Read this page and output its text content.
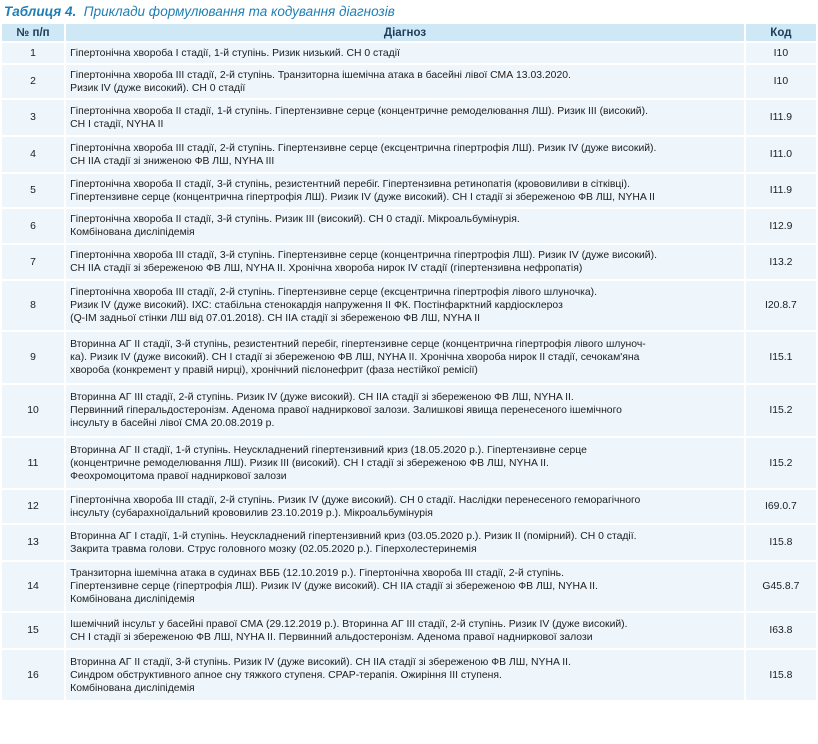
Таблиця 4. Приклади формулювання та кодування діагнозів
№ п/п	Діагноз	Код
1	Гіпертонічна хвороба І стадії, 1-й ступінь. Ризик низький. СН 0 стадії	І10
2	Гіпертонічна хвороба ІІІ стадії, 2-й ступінь. Транзиторна ішемічна атака в басейні лівої СМА 13.03.2020.
Ризик IV (дуже високий). СН 0 стадії	І10
3	Гіпертонічна хвороба ІІ стадії, 1-й ступінь. Гіпертензивне серце (концентричне ремоделювання ЛШ). Ризик ІІІ (високий).
СН І стадії, NYHA II	І11.9
4	Гіпертонічна хвороба ІІІ стадії, 2-й ступінь. Гіпертензивне серце (ексцентрична гіпертрофія ЛШ). Ризик IV (дуже високий).
СН ІІА стадії зі зниженою ФВ ЛШ, NYHA III	І11.0
5	Гіпертонічна хвороба ІІ стадії, 3-й ступінь, резистентний перебіг. Гіпертензивна ретинопатія (крововиливи в сітківці).
Гіпертензивне серце (концентрична гіпертрофія ЛШ). Ризик IV (дуже високий). СН І стадії зі збереженою ФВ ЛШ, NYHA II	І11.9
6	Гіпертонічна хвороба ІІ стадії, 3-й ступінь. Ризик ІІІ (високий). СН 0 стадії. Мікроальбумінурія.
Комбінована дисліпідемія	І12.9
7	Гіпертонічна хвороба ІІІ стадії, 3-й ступінь. Гіпертензивне серце (концентрична гіпертрофія ЛШ). Ризик IV (дуже високий).
СН ІІА стадії зі збереженою ФВ ЛШ, NYHA II. Хронічна хвороба нирок IV стадії (гіпертензивна нефропатія)	І13.2
8	Гіпертонічна хвороба ІІІ стадії, 2-й ступінь. Гіпертензивне серце (ексцентрична гіпертрофія лівого шлуночка).
Ризик IV (дуже високий). ІХС: стабільна стенокардія напруження ІІ ФК. Постінфарктний кардіосклероз
(Q-IM задньої стінки ЛШ від 07.01.2018). СН ІІА стадії зі збереженою ФВ ЛШ, NYHA II	І20.8.7
9	Вторинна АГ ІІ стадії, 3-й ступінь, резистентний перебіг, гіпертензивне серце (концентрична гіпертрофія лівого шлуноч-
ка). Ризик IV (дуже високий). СН І стадії зі збереженою ФВ ЛШ, NYHA II. Хронічна хвороба нирок ІІ стадії, сечокам'яна
хвороба (конкремент у правій нирці), хронічний пієлонефрит (фаза нестійкої ремісії)	І15.1
10	Вторинна АГ ІІІ стадії, 2-й ступінь. Ризик IV (дуже високий). СН ІІА стадії зі збереженою ФВ ЛШ, NYHA II.
Первинний гіперальдостеронізм. Аденома правої надниркової залози. Залишкові явища перенесеного ішемічного
інсульту в басейні лівої СМА 20.08.2019 р.	І15.2
11	Вторинна АГ ІІ стадії, 1-й ступінь. Неускладнений гіпертензивний криз (18.05.2020 р.). Гіпертензивне серце
(концентричне ремоделювання ЛШ). Ризик ІІІ (високий). СН І стадії зі збереженою ФВ ЛШ, NYHA II.
Феохромоцитома правої надниркової залози	І15.2
12	Гіпертонічна хвороба ІІІ стадії, 2-й ступінь. Ризик IV (дуже високий). СН 0 стадії. Наслідки перенесеного геморагічного
інсульту (субарахноїдальний крововилив 23.10.2019 р.). Мікроальбумінурія	І69.0.7
13	Вторинна АГ І стадії, 1-й ступінь. Неускладнений гіпертензивний криз (03.05.2020 р.). Ризик ІІ (помірний). СН 0 стадії.
Закрита травма голови. Струс головного мозку (02.05.2020 р.). Гіперхолестеринемія	І15.8
14	Транзиторна ішемічна атака в судинах ВББ (12.10.2019 р.). Гіпертонічна хвороба ІІІ стадії, 2-й ступінь.
Гіпертензивне серце (гіпертрофія ЛШ). Ризик IV (дуже високий). СН ІІА стадії зі збереженою ФВ ЛШ, NYHA II.
Комбінована дисліпідемія	G45.8.7
15	Ішемічний інсульт у басейні правої СМА (29.12.2019 р.). Вторинна АГ ІІІ стадії, 2-й ступінь. Ризик IV (дуже високий).
СН І стадії зі збереженою ФВ ЛШ, NYHA II. Первинний альдостеронізм. Аденома правої надниркової залози	І63.8
16	Вторинна АГ ІІ стадії, 3-й ступінь. Ризик IV (дуже високий). СН ІІА стадії зі збереженою ФВ ЛШ, NYHA II.
Синдром обструктивного апное сну тяжкого ступеня. CPAP-терапія. Ожиріння ІІІ ступеня.
Комбінована дисліпідемія	І15.8
